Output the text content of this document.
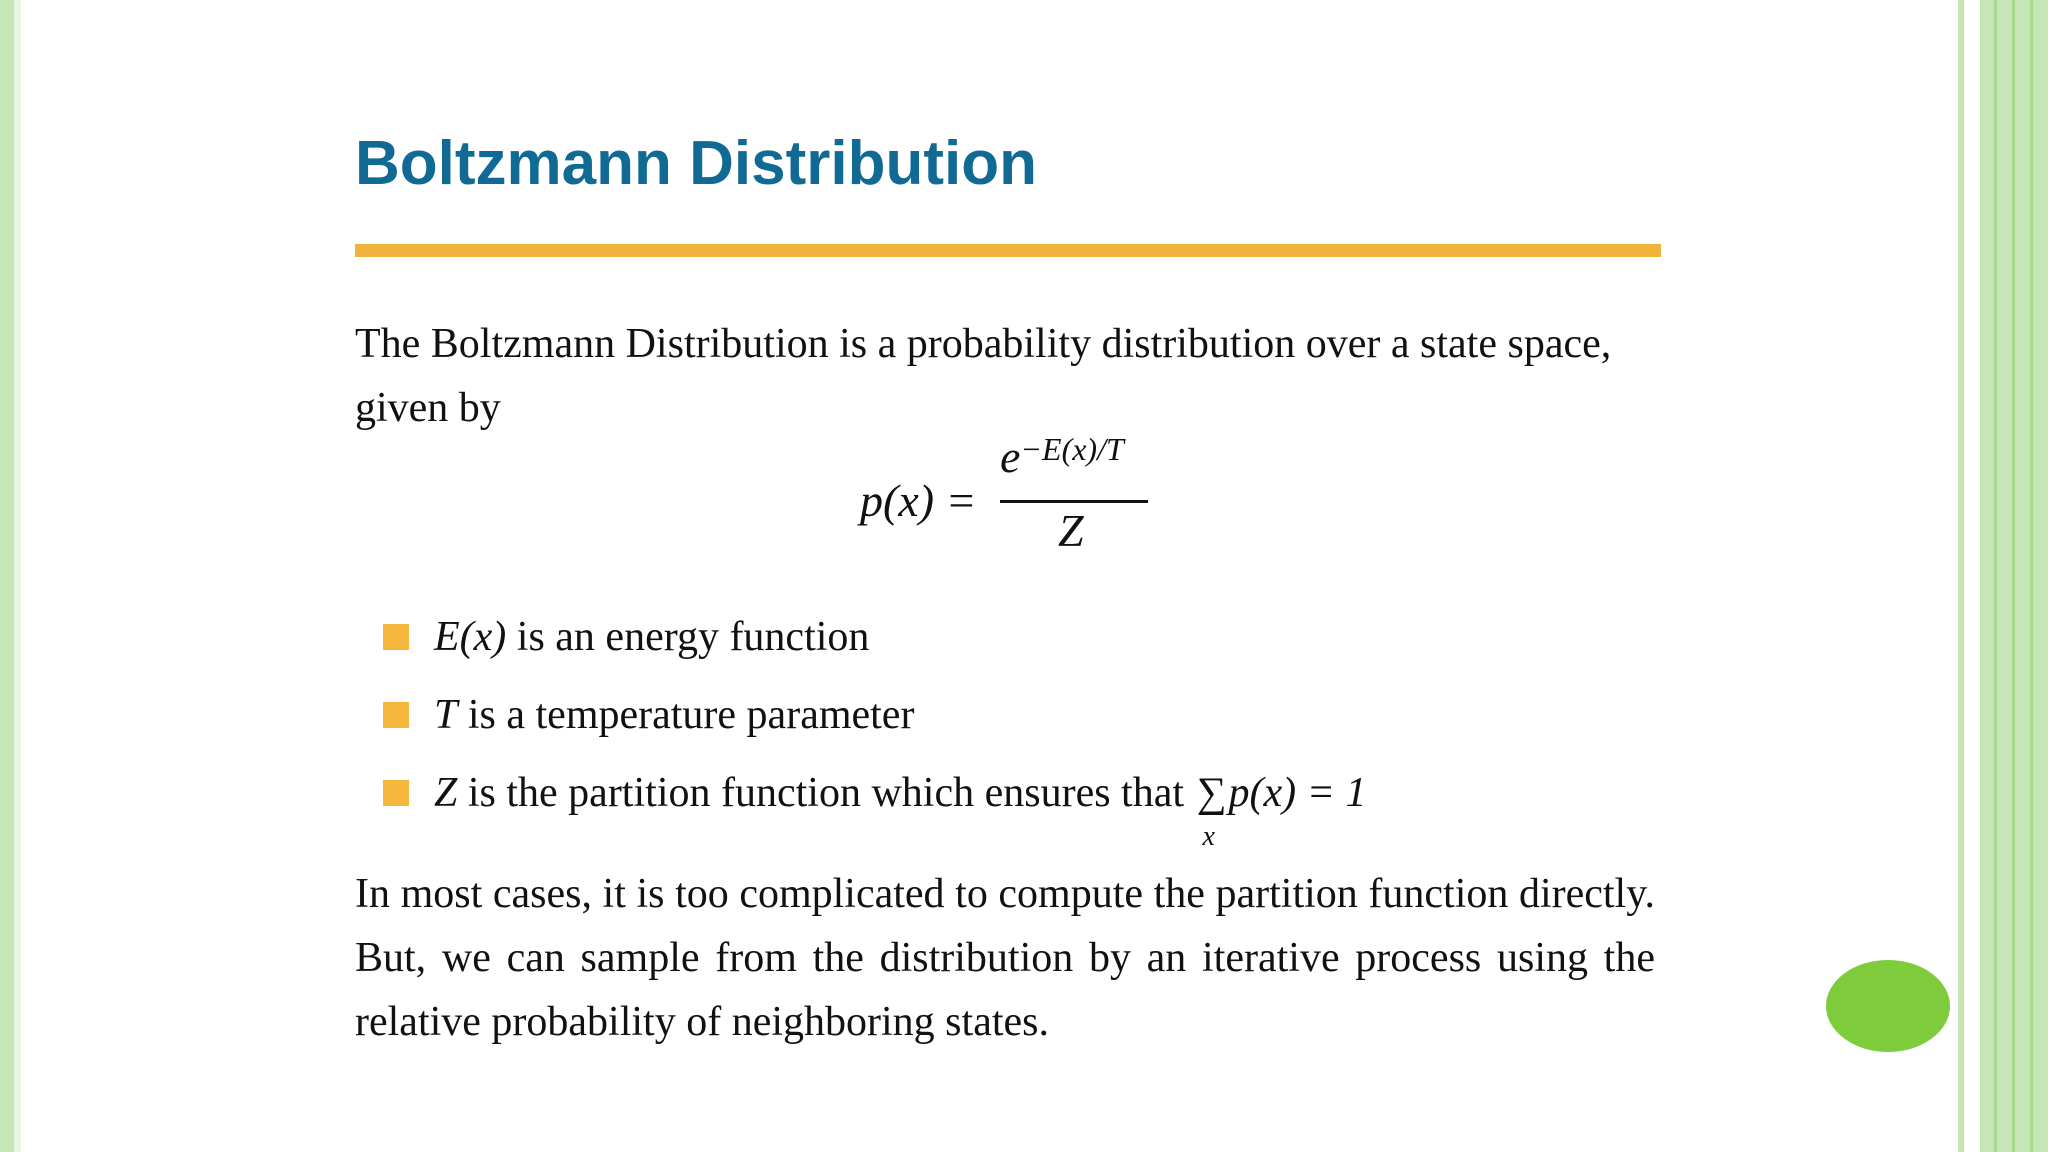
Boltzmann Distribution
The Boltzmann Distribution is a probability distribution over a state space, given by
p(x) =
$e^{-E(x)/T}$
Z
E(x) is an energy function
T is a temperature parameter
Z is the partition function which ensures that ∑
x
p(x) = 1
In most cases, it is too complicated to compute the partition function directly. But, we can sample from the distribution by an iterative process using the relative probability of neighboring states.
